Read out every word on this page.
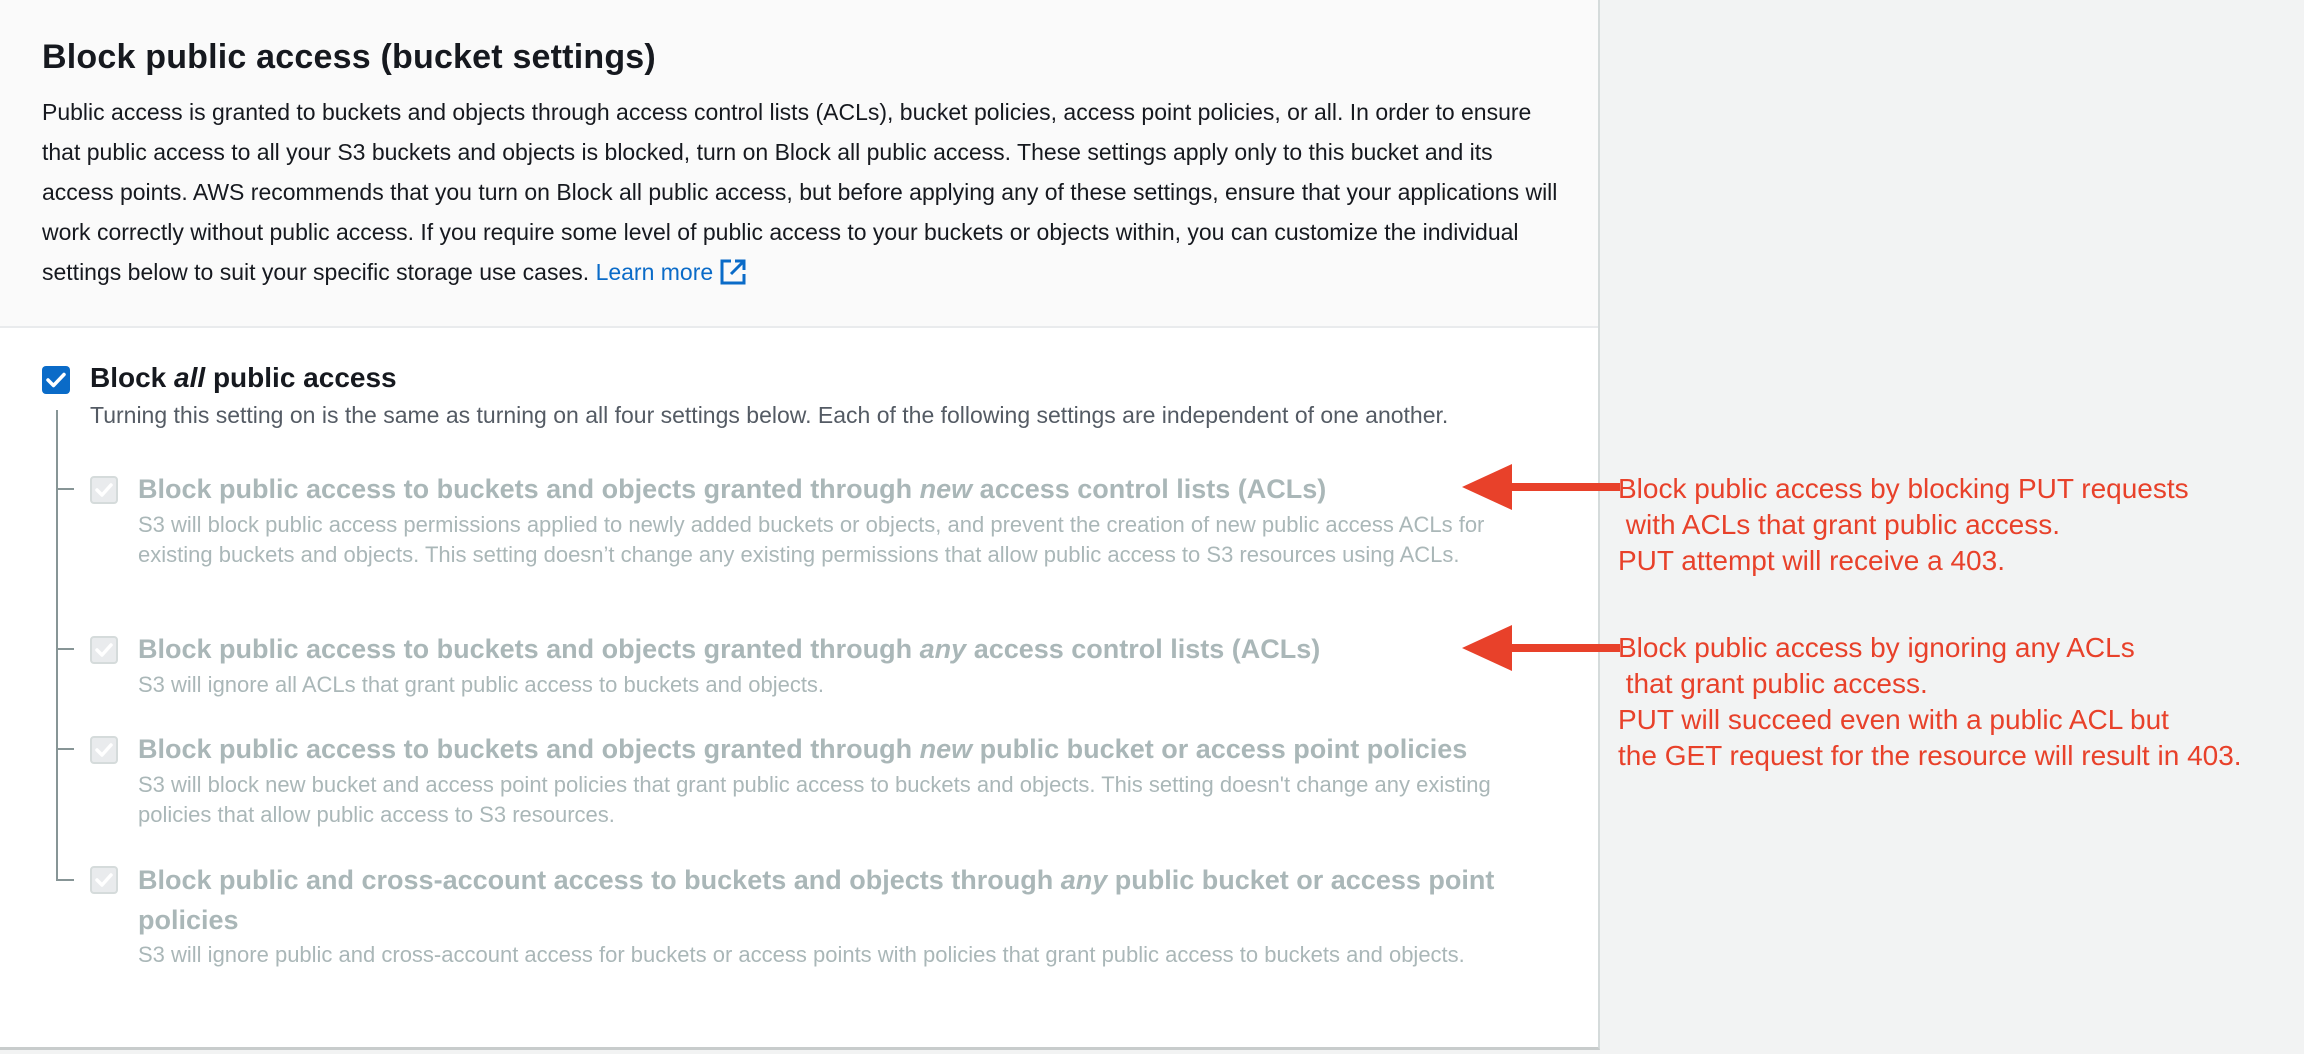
Block public access (bucket settings)
Public access is granted to buckets and objects through access control lists (ACLs), bucket policies, access point policies, or all. In order to ensure that public access to all your S3 buckets and objects is blocked, turn on Block all public access. These settings apply only to this bucket and its access points. AWS recommends that you turn on Block all public access, but before applying any of these settings, ensure that your applications will work correctly without public access. If you require some level of public access to your buckets or objects within, you can customize the individual settings below to suit your specific storage use cases. Learn more
Block all public access
Turning this setting on is the same as turning on all four settings below. Each of the following settings are independent of one another.
Block public access to buckets and objects granted through new access control lists (ACLs)
S3 will block public access permissions applied to newly added buckets or objects, and prevent the creation of new public access ACLs for existing buckets and objects. This setting doesn’t change any existing permissions that allow public access to S3 resources using ACLs.
Block public access to buckets and objects granted through any access control lists (ACLs)
S3 will ignore all ACLs that grant public access to buckets and objects.
Block public access to buckets and objects granted through new public bucket or access point policies
S3 will block new bucket and access point policies that grant public access to buckets and objects. This setting doesn't change any existing policies that allow public access to S3 resources.
Block public and cross-account access to buckets and objects through any public bucket or access point policies
S3 will ignore public and cross-account access for buckets or access points with policies that grant public access to buckets and objects.
Block public access by blocking PUT requests
with ACLs that grant public access.
PUT attempt will receive a 403.
Block public access by ignoring any ACLs
that grant public access.
PUT will succeed even with a public ACL but
the GET request for the resource will result in 403.
